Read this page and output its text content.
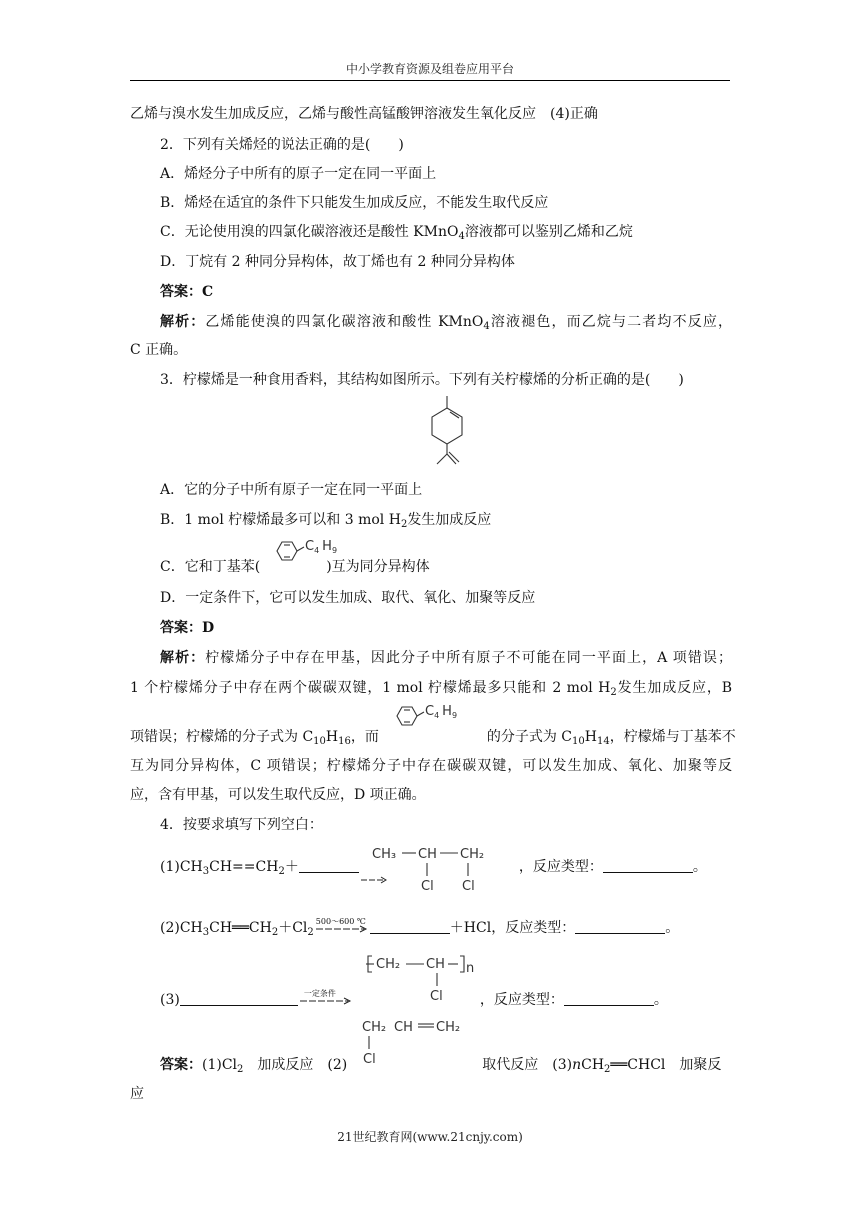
中小学教育资源及组卷应用平台
乙烯与溴水发生加成反应，乙烯与酸性高锰酸钾溶液发生氧化反应　(4)正确
2．下列有关烯烃的说法正确的是(　　)
A．烯烃分子中所有的原子一定在同一平面上
B．烯烃在适宜的条件下只能发生加成反应，不能发生取代反应
C．无论使用溴的四氯化碳溶液还是酸性 KMnO$_4$溶液都可以鉴别乙烯和乙烷
D．丁烷有 2 种同分异构体，故丁烯也有 2 种同分异构体
答案：C
解析：乙烯能使溴的四氯化碳溶液和酸性 KMnO$_4$溶液褪色，而乙烷与二者均不反应，
C 正确。
3．柠檬烯是一种食用香料，其结构如图所示。下列有关柠檬烯的分析正确的是(　　)
A．它的分子中所有原子一定在同一平面上
B．1 mol 柠檬烯最多可以和 3 mol $H_2$发生加成反应
$C_4$ $H_9$
C．它和丁基苯(	)互为同分异构体
D．一定条件下，它可以发生加成、取代、氧化、加聚等反应
答案：D
解析：柠檬烯分子中存在甲基，因此分子中所有原子不可能在同一平面上，A 项错误；
1 个柠檬烯分子中存在两个碳碳双键，1 mol 柠檬烯最多只能和 2 mol $H_2$发生加成反应，B
$C_4$ $H_9$
项错误；柠檬烯的分子式为 $C_{10}H_{16}$，而	的分子式为 $C_{10}H_{14}$，柠檬烯与丁基苯不
互为同分异构体，C 项错误；柠檬烯分子中存在碳碳双键，可以发生加成、氧化、加聚等反
应，含有甲基，可以发生取代反应，D 项正确。
4．按要求填写下列空白：
CH₃ CH CH₂
Cl Cl
$(1)CH_3CH==CH_2+$	，反应类型：	。
$(2)CH_3CH══CH_2+Cl_2$
500～600 ℃	＋HCl，反应类型：	。
CH₂ CH n
Cl
(3)	一定条件	，反应类型：	。
CH₂ CH CH₂
Cl
答案：$(1)Cl_2$　加成反应　(2)	取代反应　(3)nCH$_2$══CHCl　加聚反
应
21世纪教育网(www.21cnjy.com)
